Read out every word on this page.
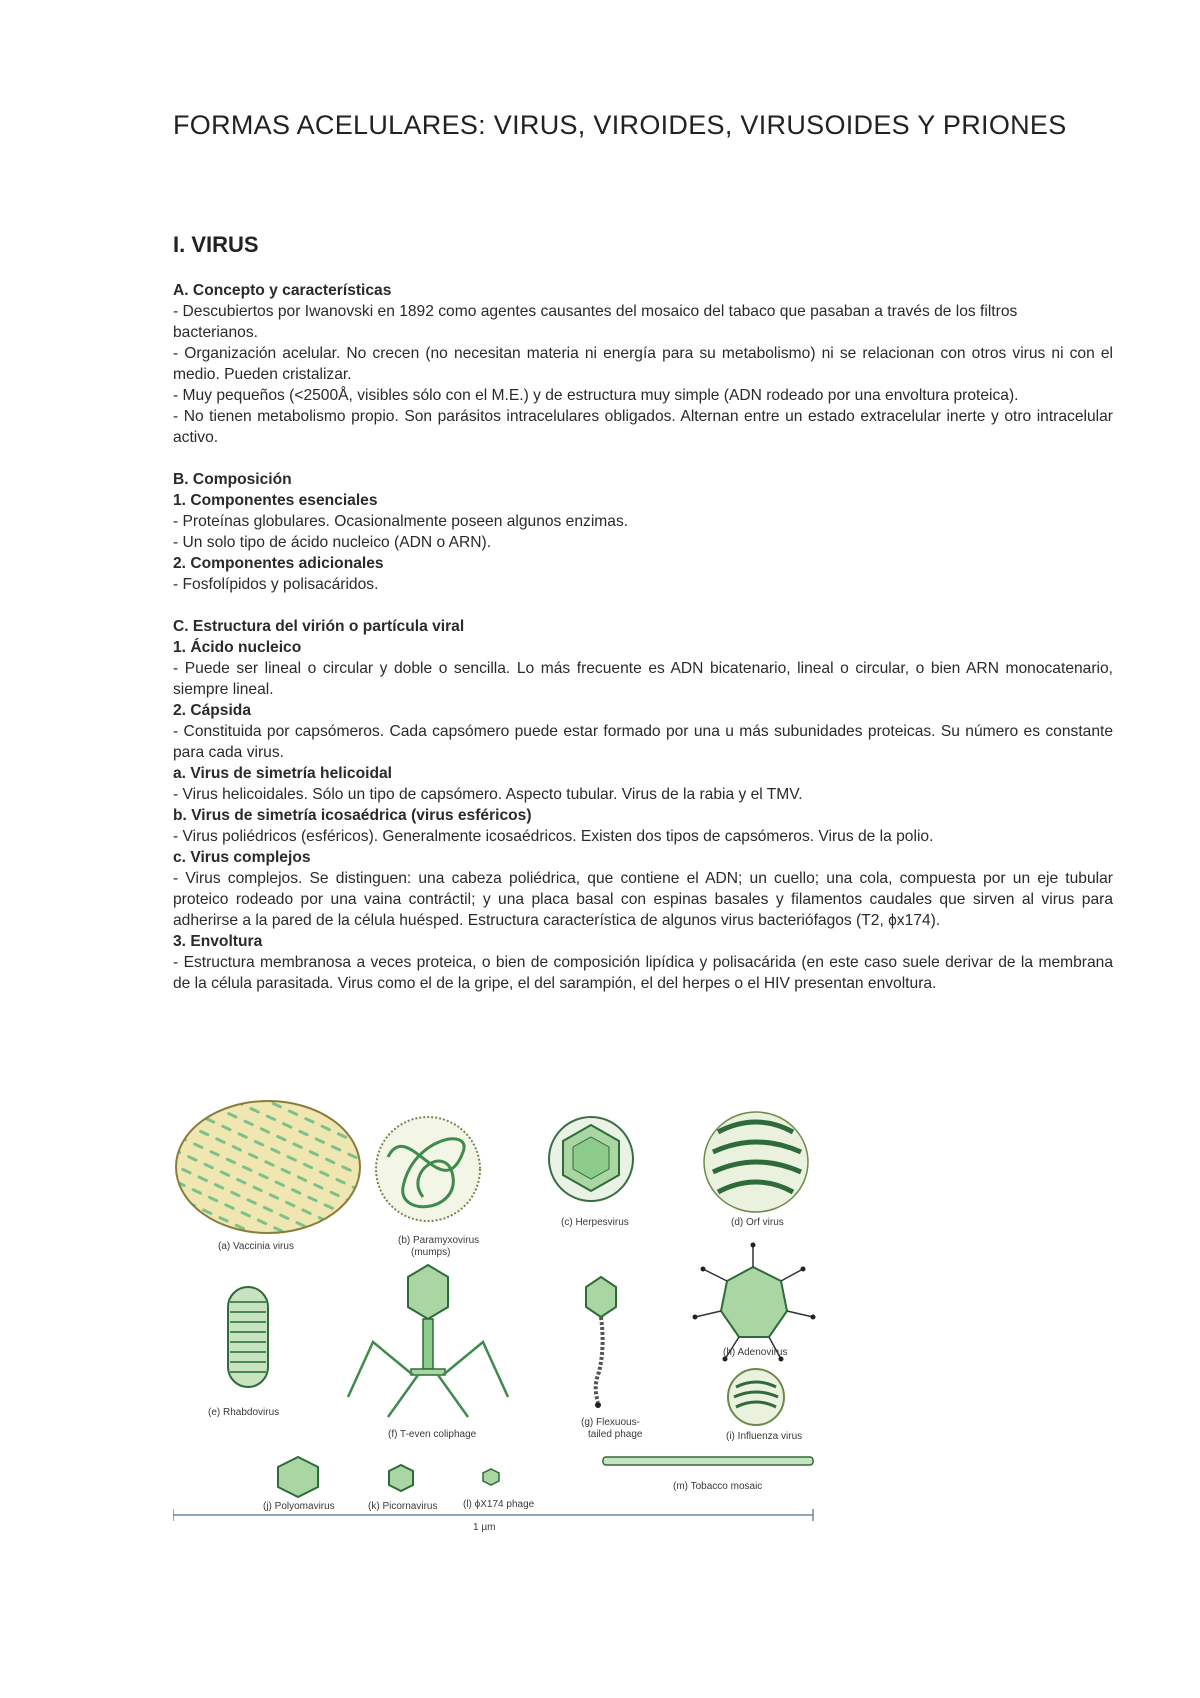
FORMAS ACELULARES: VIRUS, VIROIDES, VIRUSOIDES Y PRIONES
I. VIRUS

A. Concepto y características

- Descubiertos por Iwanovski en 1892 como agentes causantes del mosaico del tabaco que pasaban a través de los filtros

bacterianos.

- Organización acelular. No crecen (no necesitan materia ni energía para su metabolismo) ni se relacionan con otros virus ni con el medio. Pueden cristalizar.

- Muy pequeños (<2500Å, visibles sólo con el M.E.) y de estructura muy simple (ADN rodeado por una envoltura proteica).

- No tienen metabolismo propio. Son parásitos intracelulares obligados. Alternan entre un estado extracelular inerte y otro intracelular activo.

B. Composición

1. Componentes esenciales

- Proteínas globulares. Ocasionalmente poseen algunos enzimas.

- Un solo tipo de ácido nucleico (ADN o ARN).

2. Componentes adicionales

- Fosfolípidos y polisacáridos.

C. Estructura del virión o partícula viral

1. Ácido nucleico

- Puede ser lineal o circular y doble o sencilla. Lo más frecuente es ADN bicatenario, lineal o circular, o bien ARN monocatenario, siempre lineal.

2. Cápsida

- Constituida por capsómeros. Cada capsómero puede estar formado por una u más subunidades proteicas. Su número es constante para cada virus.

a. Virus de simetría helicoidal

- Virus helicoidales. Sólo un tipo de capsómero. Aspecto tubular. Virus de la rabia y el TMV.

b. Virus de simetría icosaédrica (virus esféricos)

- Virus poliédricos (esféricos). Generalmente icosaédricos. Existen dos tipos de capsómeros. Virus de la polio.

c. Virus complejos

- Virus complejos. Se distinguen: una cabeza poliédrica, que contiene el ADN; un cuello; una cola, compuesta por un eje tubular proteico rodeado por una vaina contráctil; y una placa basal con espinas basales y filamentos caudales que sirven al virus para adherirse a la pared de la célula huésped. Estructura característica de algunos virus bacteriófagos (T2, ϕx174).

3. Envoltura

- Estructura membranosa a veces proteica, o bien de composición lipídica y polisacárida (en este caso suele derivar de la membrana de la célula parasitada. Virus como el de la gripe, el del sarampión, el del herpes o el HIV presentan envoltura.

(a) Vaccinia virus
(b) Paramyxovirus
(mumps)
(c) Herpesvirus	(d) Orf virus
(e) Rhabdovirus
(f) T-even coliphage
(g) Flexuous-
tailed phage
(h) Adenovirus
(i) Influenza virus
(j) Polyomavirus	(k) Picornavirus	(l) ϕX174 phage
(m) Tobacco mosaic
1 µm
